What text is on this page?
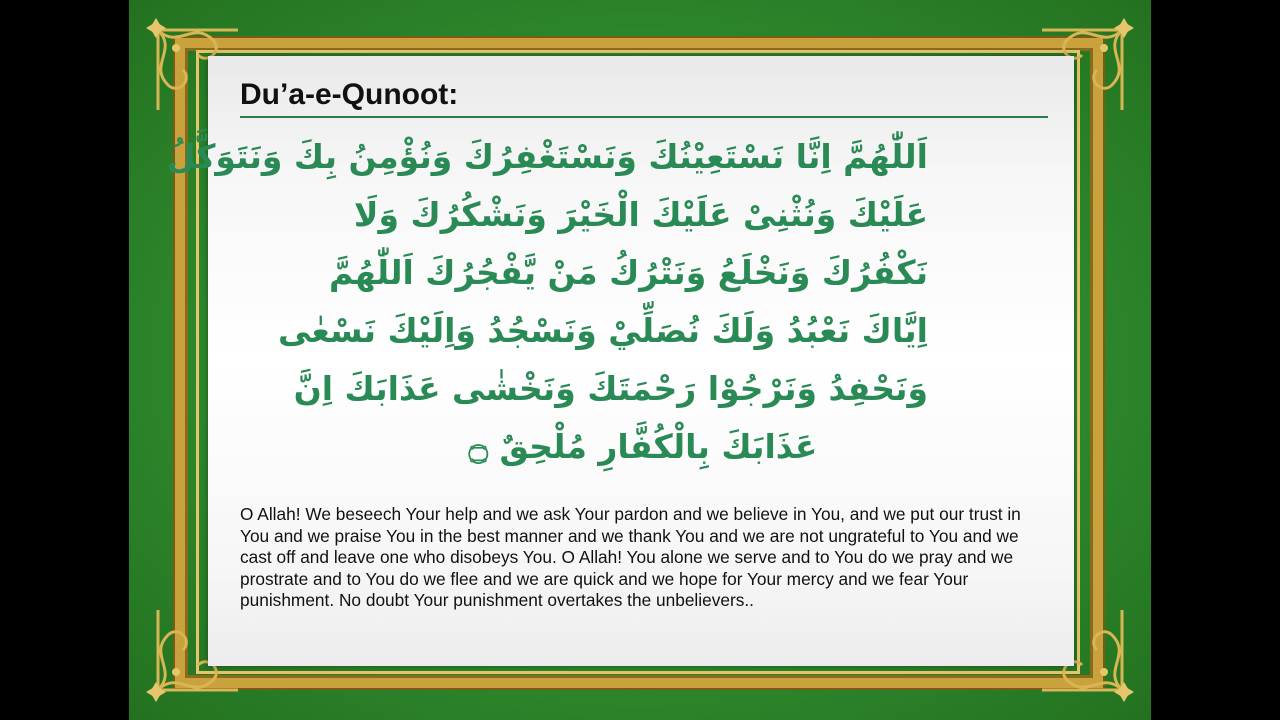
Du’a-e-Qunoot:
اَللّٰهُمَّ اِنَّا نَسْتَعِيْنُكَ وَنَسْتَغْفِرُكَ وَنُؤْمِنُ بِكَ وَنَتَوَكَّلُ
عَلَيْكَ وَنُثْنِیْ عَلَيْكَ الْخَيْرَ وَنَشْكُرُكَ وَلَا
نَكْفُرُكَ وَنَخْلَعُ وَنَتْرُكُ مَنْ يَّفْجُرُكَ اَللّٰهُمَّ
اِيَّاكَ نَعْبُدُ وَلَكَ نُصَلِّيْ وَنَسْجُدُ وَاِلَيْكَ نَسْعٰى
وَنَحْفِدُ وَنَرْجُوْا رَحْمَتَكَ وَنَخْشٰى عَذَابَكَ اِنَّ
عَذَابَكَ بِالْكُفَّارِ مُلْحِقٌ ۝

O Allah! We beseech Your help and we ask Your pardon and we believe in You, and we put our trust in You and we praise You in the best manner and we thank You and we are not ungrateful to You and we cast off and leave one who disobeys You. O Allah! You alone we serve and to You do we pray and we prostrate and to You do we flee and we are quick and we hope for Your mercy and we fear Your punishment. No doubt Your punishment overtakes the unbelievers..
